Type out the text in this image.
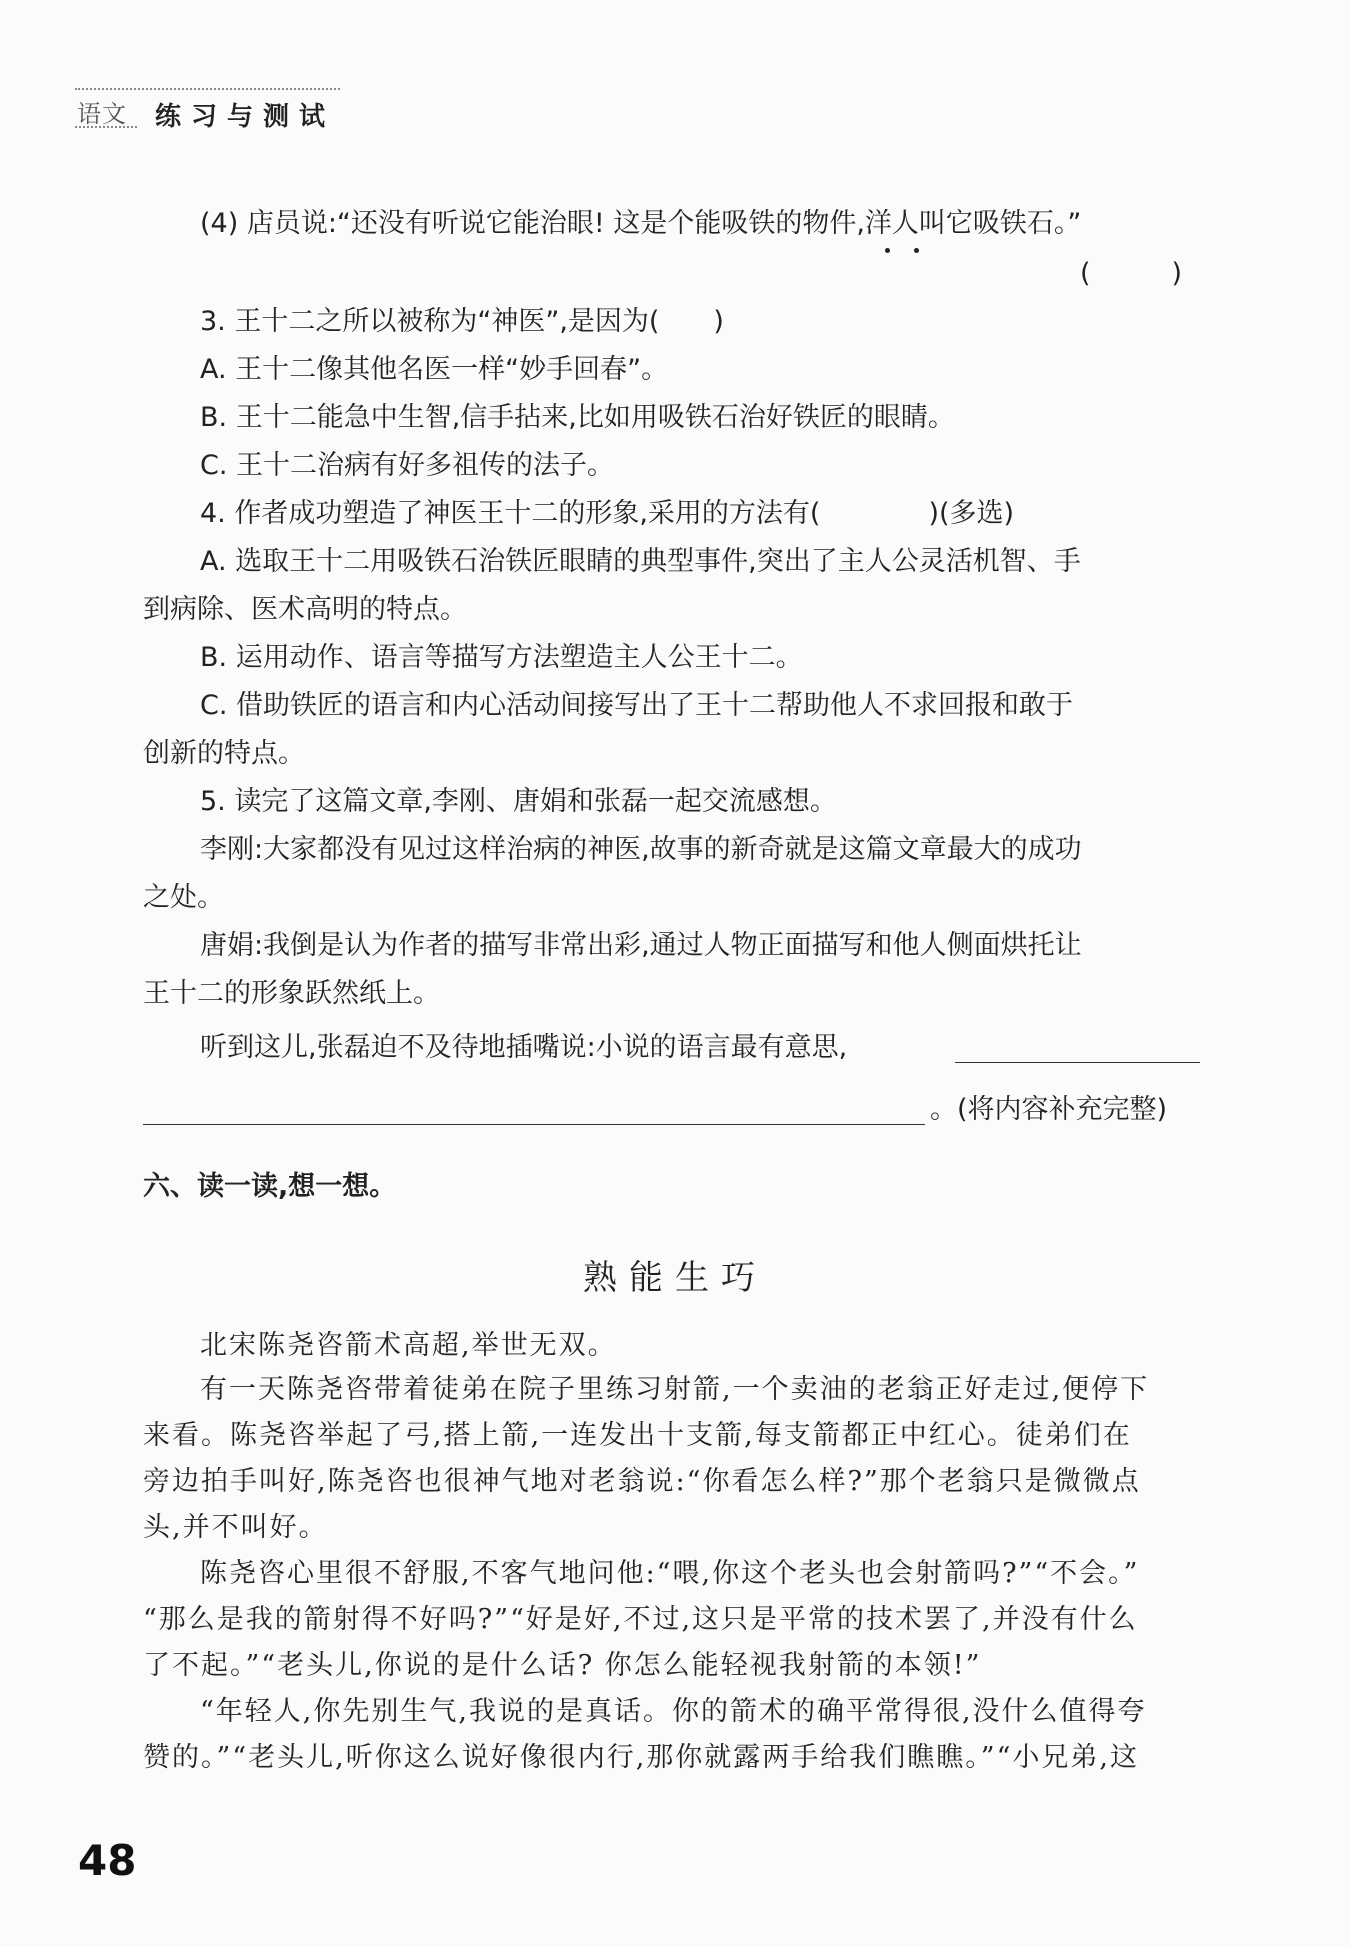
语文 练习与测试
(4) 店员说:“还没有听说它能治眼! 这是个能吸铁的物件,洋人叫它吸铁石。”
(　　　)
3. 王十二之所以被称为“神医”,是因为(　　)
A. 王十二像其他名医一样“妙手回春”。
B. 王十二能急中生智,信手拈来,比如用吸铁石治好铁匠的眼睛。
C. 王十二治病有好多祖传的法子。
4. 作者成功塑造了神医王十二的形象,采用的方法有(　　　　)(多选)
A. 选取王十二用吸铁石治铁匠眼睛的典型事件,突出了主人公灵活机智、手
到病除、医术高明的特点。
B. 运用动作、语言等描写方法塑造主人公王十二。
C. 借助铁匠的语言和内心活动间接写出了王十二帮助他人不求回报和敢于
创新的特点。
5. 读完了这篇文章,李刚、唐娟和张磊一起交流感想。
李刚:大家都没有见过这样治病的神医,故事的新奇就是这篇文章最大的成功
之处。
唐娟:我倒是认为作者的描写非常出彩,通过人物正面描写和他人侧面烘托让
王十二的形象跃然纸上。
听到这儿,张磊迫不及待地插嘴说:小说的语言最有意思,
。(将内容补充完整)
六、读一读,想一想。
熟能生巧
北宋陈尧咨箭术高超,举世无双。
有一天陈尧咨带着徒弟在院子里练习射箭,一个卖油的老翁正好走过,便停下
来看。陈尧咨举起了弓,搭上箭,一连发出十支箭,每支箭都正中红心。徒弟们在
旁边拍手叫好,陈尧咨也很神气地对老翁说:“你看怎么样?”那个老翁只是微微点
头,并不叫好。
陈尧咨心里很不舒服,不客气地问他:“喂,你这个老头也会射箭吗?”“不会。”
“那么是我的箭射得不好吗?”“好是好,不过,这只是平常的技术罢了,并没有什么
了不起。”“老头儿,你说的是什么话? 你怎么能轻视我射箭的本领!”
“年轻人,你先别生气,我说的是真话。你的箭术的确平常得很,没什么值得夸
赞的。”“老头儿,听你这么说好像很内行,那你就露两手给我们瞧瞧。”“小兄弟,这
48
